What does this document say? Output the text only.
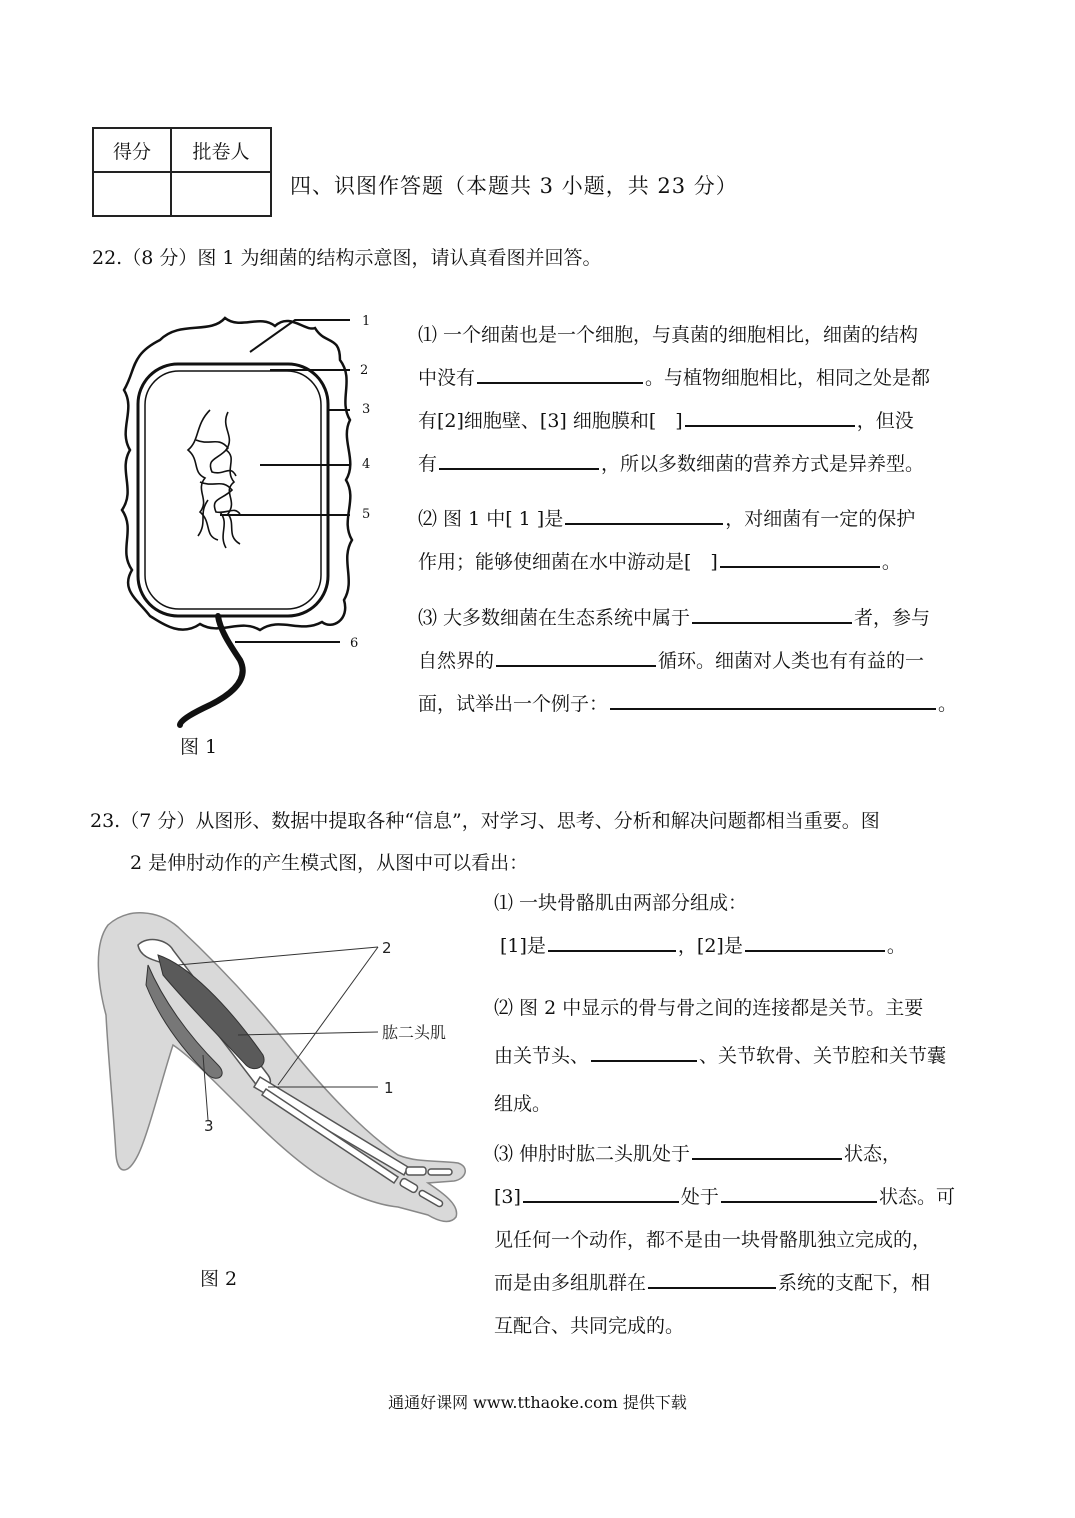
得分	批卷人

四、识图作答题（本题共 3 小题，共 23 分）
22.（8 分）图 1 为细菌的结构示意图，请认真看图并回答。
1
2
3
4
5
6
图 1
⑴ 一个细菌也是一个细胞，与真菌的细胞相比，细菌的结构
中没有	。与植物细胞相比，相同之处是都
有[2]细胞壁、[3] 细胞膜和[　]	，但没
有	，所以多数细菌的营养方式是异养型。
⑵ 图 1 中[ 1 ]是	，对细菌有一定的保护
作用；能够使细菌在水中游动是[　]	。
⑶ 大多数细菌在生态系统中属于	者，参与
自然界的	循环。细菌对人类也有有益的一
面，试举出一个例子：	。
23.（7 分）从图形、数据中提取各种“信息”，对学习、思考、分析和解决问题都相当重要。图
2 是伸肘动作的产生模式图，从图中可以看出：
2
肱二头肌
1
3
图 2
⑴ 一块骨骼肌由两部分组成：
[1]是	，[2]是	。
⑵ 图 2 中显示的骨与骨之间的连接都是关节。主要
由关节头、	、关节软骨、关节腔和关节囊
组成。
⑶ 伸肘时肱二头肌处于	状态，
[3]	处于	状态。可
见任何一个动作，都不是由一块骨骼肌独立完成的，
而是由多组肌群在	系统的支配下，相
互配合、共同完成的。
通通好课网 www.tthaoke.com 提供下载
